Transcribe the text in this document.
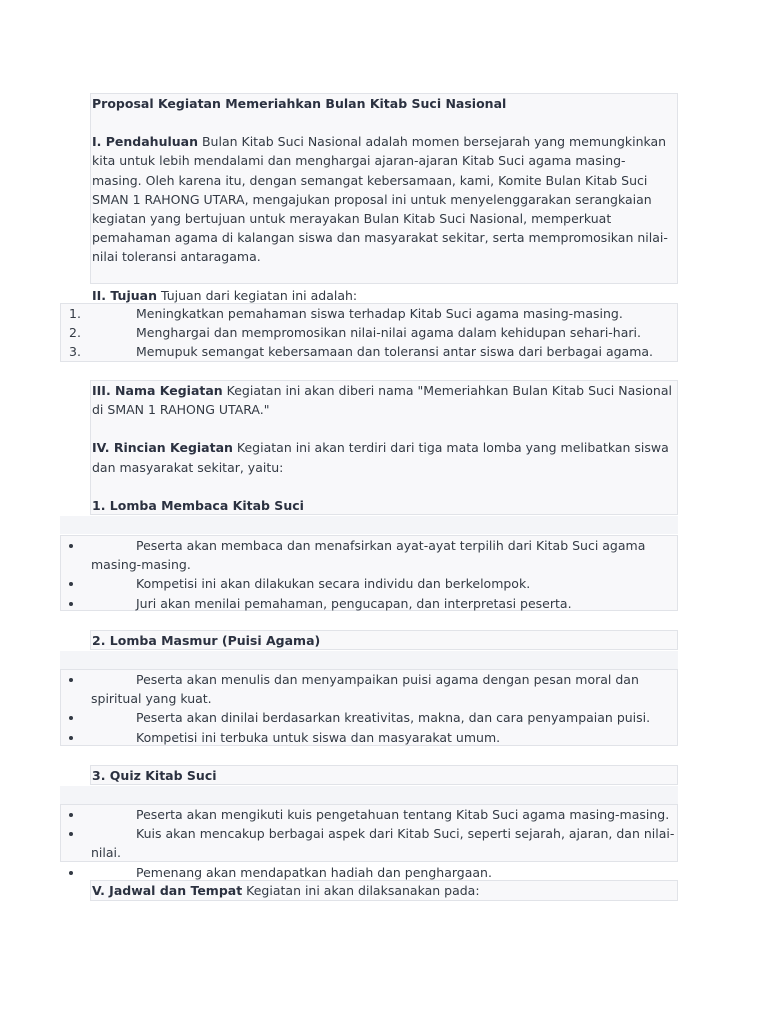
Proposal Kegiatan Memeriahkan Bulan Kitab Suci Nasional

I. Pendahuluan Bulan Kitab Suci Nasional adalah momen bersejarah yang memungkinkan kita untuk lebih mendalami dan menghargai ajaran-ajaran Kitab Suci agama masing-masing. Oleh karena itu, dengan semangat kebersamaan, kami, Komite Bulan Kitab Suci SMAN 1 RAHONG UTARA, mengajukan proposal ini untuk menyelenggarakan serangkaian kegiatan yang bertujuan untuk merayakan Bulan Kitab Suci Nasional, memperkuat pemahaman agama di kalangan siswa dan masyarakat sekitar, serta mempromosikan nilai-nilai toleransi antaragama.

II. Tujuan Tujuan dari kegiatan ini adalah:

1.	Meningkatkan pemahaman siswa terhadap Kitab Suci agama masing-masing.
2.	Menghargai dan mempromosikan nilai-nilai agama dalam kehidupan sehari-hari.
3.	Memupuk semangat kebersamaan dan toleransi antar siswa dari berbagai agama.

III. Nama Kegiatan Kegiatan ini akan diberi nama "Memeriahkan Bulan Kitab Suci Nasional di SMAN 1 RAHONG UTARA."

IV. Rincian Kegiatan Kegiatan ini akan terdiri dari tiga mata lomba yang melibatkan siswa dan masyarakat sekitar, yaitu:

1. Lomba Membaca Kitab Suci

Peserta akan membaca dan menafsirkan ayat-ayat terpilih dari Kitab Suci agama masing-masing.
Kompetisi ini akan dilakukan secara individu dan berkelompok.
Juri akan menilai pemahaman, pengucapan, dan interpretasi peserta.

2. Lomba Masmur (Puisi Agama)

Peserta akan menulis dan menyampaikan puisi agama dengan pesan moral dan spiritual yang kuat.
Peserta akan dinilai berdasarkan kreativitas, makna, dan cara penyampaian puisi.
Kompetisi ini terbuka untuk siswa dan masyarakat umum.

3. Quiz Kitab Suci

Peserta akan mengikuti kuis pengetahuan tentang Kitab Suci agama masing-masing.
Kuis akan mencakup berbagai aspek dari Kitab Suci, seperti sejarah, ajaran, dan nilai-nilai.
Pemenang akan mendapatkan hadiah dan penghargaan.

V. Jadwal dan Tempat Kegiatan ini akan dilaksanakan pada:
